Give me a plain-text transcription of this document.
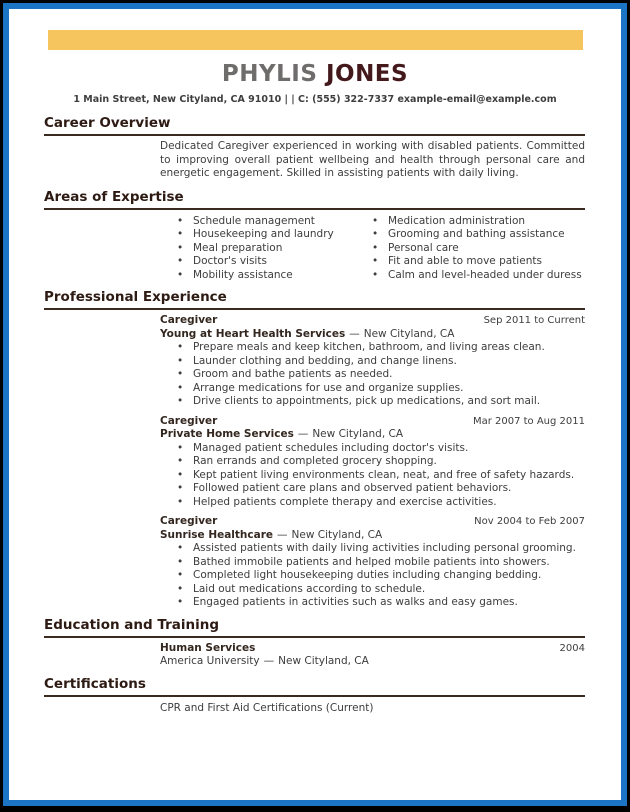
PHYLIS JONES
1 Main Street, New Cityland, CA 91010 | | C: (555) 322-7337 example-email@example.com
Career Overview
Dedicated Caregiver experienced in working with disabled patients. Committed to improving overall patient wellbeing and health through personal care and energetic engagement. Skilled in assisting patients with daily living.
Areas of Expertise
• Schedule management
• Housekeeping and laundry
• Meal preparation
• Doctor's visits
• Mobility assistance
• Medication administration
• Grooming and bathing assistance
• Personal care
• Fit and able to move patients
• Calm and level-headed under duress
Professional Experience
Caregiver	Sep 2011 to Current
Young at Heart Health Services — New Cityland, CA
• Prepare meals and keep kitchen, bathroom, and living areas clean.
• Launder clothing and bedding, and change linens.
• Groom and bathe patients as needed.
• Arrange medications for use and organize supplies.
• Drive clients to appointments, pick up medications, and sort mail.
Caregiver	Mar 2007 to Aug 2011
Private Home Services — New Cityland, CA
• Managed patient schedules including doctor's visits.
• Ran errands and completed grocery shopping.
• Kept patient living environments clean, neat, and free of safety hazards.
• Followed patient care plans and observed patient behaviors.
• Helped patients complete therapy and exercise activities.
Caregiver	Nov 2004 to Feb 2007
Sunrise Healthcare — New Cityland, CA
• Assisted patients with daily living activities including personal grooming.
• Bathed immobile patients and helped mobile patients into showers.
• Completed light housekeeping duties including changing bedding.
• Laid out medications according to schedule.
• Engaged patients in activities such as walks and easy games.
Education and Training
Human Services	2004
America University — New Cityland, CA
Certifications
CPR and First Aid Certifications (Current)
